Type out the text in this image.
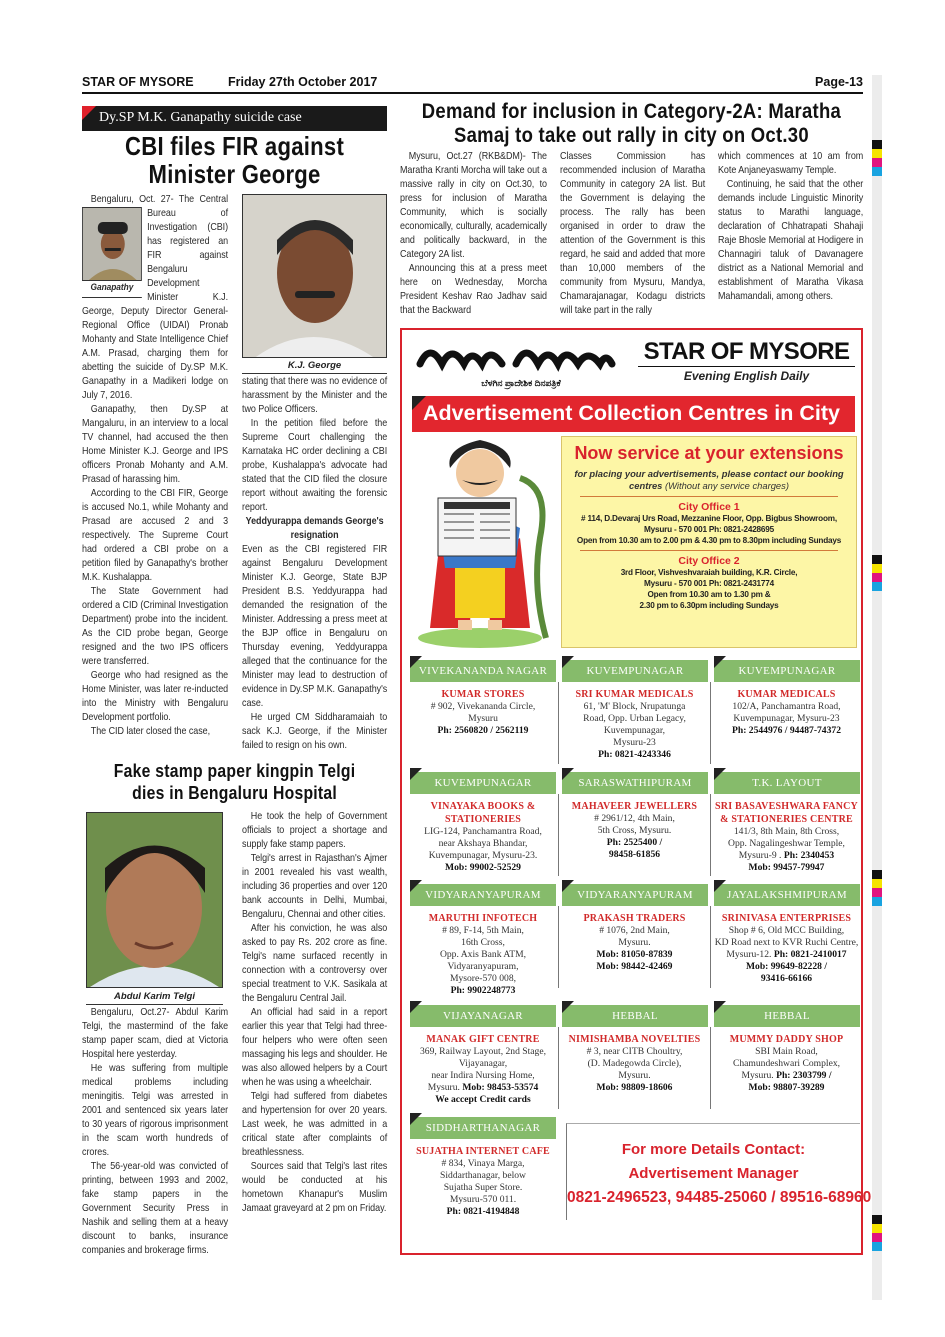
STAR OF MYSORE	Friday 27th October 2017	Page-13
Dy.SP M.K. Ganapathy suicide case
CBI files FIR against
Minister George
Ganapathy

Bengaluru, Oct. 27- The Central Bureau of Investigation (CBI) has registered an FIR against Bengaluru Development Minister K.J. George, Deputy Director General-Regional Office (UIDAI) Pronab Mohanty and State Intelligence Chief A.M. Prasad, charging them for abetting the suicide of Dy.SP M.K. Ganapathy in a Madikeri lodge on July 7, 2016.

Ganapathy, then Dy.SP at Mangaluru, in an interview to a local TV channel, had accused the then Home Minister K.J. George and IPS officers Pronab Mohanty and A.M. Prasad of harassing him.

According to the CBI FIR, George is accused No.1, while Mohanty and Prasad are accused 2 and 3 respectively. The Supreme Court had ordered a CBI probe on a petition filed by Ganapathy's brother M.K. Kushalappa.

The State Government had ordered a CID (Criminal Investigation Department) probe into the incident. As the CID probe began, George resigned and the two IPS officers were transferred.

George who had resigned as the Home Minister, was later re-inducted into the Ministry with Bengaluru Development portfolio.

The CID later closed the case,

K.J. George

stating that there was no evidence of harassment by the Minister and the two Police Officers.

In the petition filed before the Supreme Court challenging the Karnataka HC order declining a CBI probe, Kushalappa's advocate had stated that the CID filed the closure report without awaiting the forensic report.

Yeddyurappa demands George's resignation

Even as the CBI registered FIR against Bengaluru Development Minister K.J. George, State BJP President B.S. Yeddyurappa had demanded the resignation of the Minister. Addressing a press meet at the BJP office in Bengaluru on Thursday evening, Yeddyurappa alleged that the continuance for the Minister may lead to destruction of evidence in Dy.SP M.K. Ganapathy's case.

He urged CM Siddharamaiah to sack K.J. George, if the Minister failed to resign on his own.

Fake stamp paper kingpin Telgi
dies in Bengaluru Hospital
Abdul Karim Telgi

Bengaluru, Oct.27- Abdul Karim Telgi, the mastermind of the fake stamp paper scam, died at Victoria Hospital here yesterday.

He was suffering from multiple medical problems including meningitis. Telgi was arrested in 2001 and sentenced six years later to 30 years of rigorous imprisonment in the scam worth hundreds of crores.

The 56-year-old was convicted of printing, between 1993 and 2002, fake stamp papers in the Government Security Press in Nashik and selling them at a heavy discount to banks, insurance companies and brokerage firms.

He took the help of Government officials to project a shortage and supply fake stamp papers.

Telgi's arrest in Rajasthan's Ajmer in 2001 revealed his vast wealth, including 36 properties and over 120 bank accounts in Delhi, Mumbai, Bengaluru, Chennai and other cities.

After his conviction, he was also asked to pay Rs. 202 crore as fine. Telgi's name surfaced recently in connection with a controversy over special treatment to V.K. Sasikala at the Bengaluru Central Jail.

An official had said in a report earlier this year that Telgi had three-four helpers who were often seen massaging his legs and shoulder. He was also allowed helpers by a Court when he was using a wheelchair.

Telgi had suffered from diabetes and hypertension for over 20 years. Last week, he was admitted in a critical state after complaints of breathlessness.

Sources said that Telgi's last rites would be conducted at his hometown Khanapur's Muslim Jamaat graveyard at 2 pm on Friday.

Demand for inclusion in Category-2A: Maratha
Samaj to take out rally in city on Oct.30

Mysuru, Oct.27 (RKB&DM)- The Maratha Kranti Morcha will take out a massive rally in city on Oct.30, to press for inclusion of Maratha Community, which is socially economically, culturally, academically and politically backward, in the Category 2A list.

Announcing this at a press meet here on Wednesday, Morcha President Keshav Rao Jadhav said that the Backward

Classes Commission has recommended inclusion of Maratha Community in category 2A list. But the Government is delaying the process. The rally has been organised in order to draw the attention of the Government is this regard, he said and added that more than 10,000 members of the community from Mysuru, Mandya, Chamarajanagar, Kodagu districts will take part in the rally

which commences at 10 am from Kote Anjaneyaswamy Temple.

Continuing, he said that the other demands include Linguistic Minority status to Marathi language, declaration of Chhatrapati Shahaji Raje Bhosle Memorial at Hodigere in Channagiri taluk of Davanagere district as a National Memorial and establishment of Maratha Vikasa Mahamandali, among others.

ಬೆಳಗಿನ ಪ್ರಾದೇಶಿಕ ದಿನಪತ್ರಿಕೆ
STAR OF MYSORE
Evening English Daily
Advertisement Collection Centres in City
Now service at your extensions
for placing your advertisements, please contact our booking centres (Without any service charges)
City Office 1
# 114, D.Devaraj Urs Road, Mezzanine Floor, Opp. Bigbus Showroom,
Mysuru - 570 001 Ph: 0821-2428695
Open from 10.30 am to 2.00 pm & 4.30 pm to 8.30pm including Sundays
City Office 2
3rd Floor, Vishveshvaraiah building, K.R. Circle,
Mysuru - 570 001 Ph: 0821-2431774
Open from 10.30 am to 1.30 pm &
2.30 pm to 6.30pm including Sundays
VIVEKANANDA NAGAR
KUMAR STORES
# 902, Vivekananda Circle,
Mysuru
Ph: 2560820 / 2562119
KUVEMPUNAGAR
SRI KUMAR MEDICALS
61, 'M' Block, Nrupatunga
Road, Opp. Urban Legacy,
Kuvempunagar,
Mysuru-23
Ph: 0821-4243346
KUVEMPUNAGAR
KUMAR MEDICALS
102/A, Panchamantra Road,
Kuvempunagar, Mysuru-23
Ph: 2544976 / 94487-74372
KUVEMPUNAGAR
VINAYAKA BOOKS & STATIONERIES
LIG-124, Panchamantra Road,
near Akshaya Bhandar,
Kuvempunagar, Mysuru-23.
Mob: 99002-52529
SARASWATHIPURAM
MAHAVEER JEWELLERS
# 2961/12, 4th Main,
5th Cross, Mysuru.
Ph: 2525400 /
98458-61856
T.K. LAYOUT
SRI BASAVESHWARA FANCY & STATIONERIES CENTRE
141/3, 8th Main, 8th Cross,
Opp. Nagalingeshwar Temple,
Mysuru-9 . Ph: 2340453
Mob: 99457-79947
VIDYARANYAPURAM
MARUTHI INFOTECH
# 89, F-14, 5th Main,
16th Cross,
Opp. Axis Bank ATM,
Vidyaranyapuram,
Mysore-570 008,
Ph: 9902248773
VIDYARANYAPURAM
PRAKASH TRADERS
# 1076, 2nd Main,
Mysuru.
Mob: 81050-87839
Mob: 98442-42469
JAYALAKSHMIPURAM
SRINIVASA ENTERPRISES
Shop # 6, Old MCC Building,
KD Road next to KVR Ruchi Centre,
Mysuru-12. Ph: 0821-2410017
Mob: 99649-82228 /
93416-66166
VIJAYANAGAR
MANAK GIFT CENTRE
369, Railway Layout, 2nd Stage,
Vijayanagar,
near Indira Nursing Home,
Mysuru. Mob: 98453-53574
We accept Credit cards
HEBBAL
NIMISHAMBA NOVELTIES
# 3, near CITB Choultry,
(D. Madegowda Circle),
Mysuru.
Mob: 98809-18606
HEBBAL
MUMMY DADDY SHOP
SBI Main Road,
Chamundeshwari Complex,
Mysuru. Ph: 2303799 /
Mob: 98807-39289
SIDDHARTHANAGAR
SUJATHA INTERNET CAFE
# 834, Vinaya Marga,
Siddarthanagar, below
Sujatha Super Store.
Mysuru-570 011.
Ph: 0821-4194848
For more Details Contact:
Advertisement Manager
0821-2496523, 94485-25060 / 89516-68960
